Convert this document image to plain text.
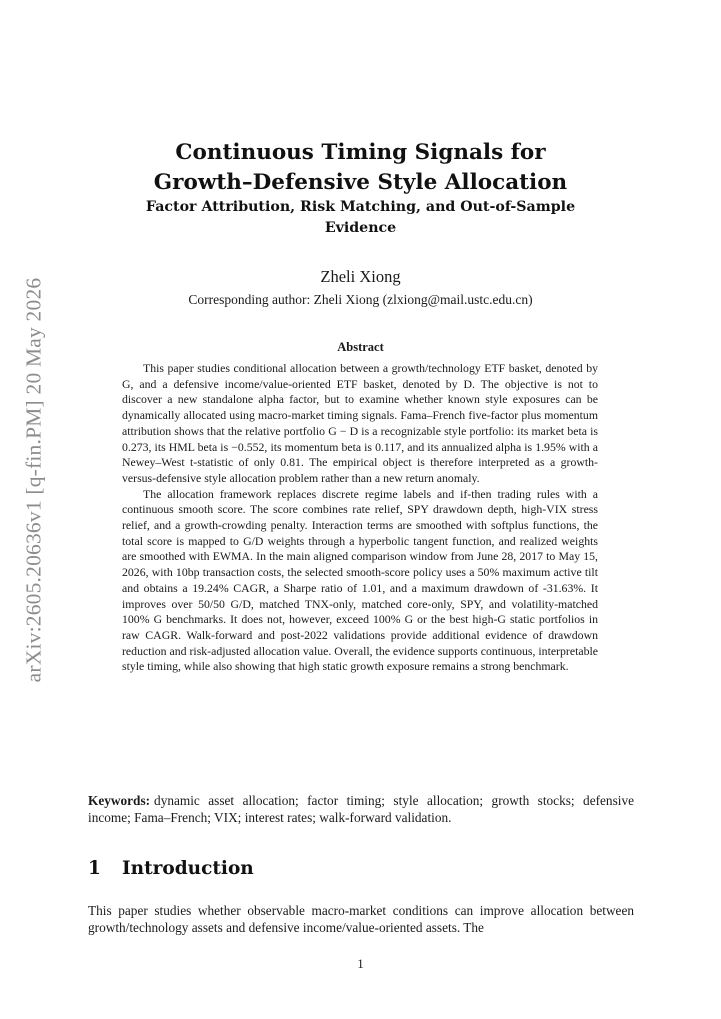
arXiv:2605.20636v1 [q-fin.PM] 20 May 2026
Continuous Timing Signals for
Growth–Defensive Style Allocation
Factor Attribution, Risk Matching, and Out-of-Sample Evidence
Zheli Xiong
Corresponding author: Zheli Xiong (zlxiong@mail.ustc.edu.cn)
Abstract

This paper studies conditional allocation between a growth/technology ETF basket, denoted by G, and a defensive income/value-oriented ETF basket, denoted by D. The objective is not to discover a new standalone alpha factor, but to examine whether known style exposures can be dynamically allocated using macro-market timing signals. Fama–French five-factor plus momentum attribution shows that the relative portfolio G − D is a recognizable style portfolio: its market beta is 0.273, its HML beta is −0.552, its momentum beta is 0.117, and its annualized alpha is 1.95% with a Newey–West t-statistic of only 0.81. The empirical object is therefore interpreted as a growth-versus-defensive style allocation problem rather than a new return anomaly.

The allocation framework replaces discrete regime labels and if-then trading rules with a continuous smooth score. The score combines rate relief, SPY drawdown depth, high-VIX stress relief, and a growth-crowding penalty. Interaction terms are smoothed with softplus functions, the total score is mapped to G/D weights through a hyperbolic tangent function, and realized weights are smoothed with EWMA. In the main aligned comparison window from June 28, 2017 to May 15, 2026, with 10bp transaction costs, the selected smooth-score policy uses a 50% maximum active tilt and obtains a 19.24% CAGR, a Sharpe ratio of 1.01, and a maximum drawdown of -31.63%. It improves over 50/50 G/D, matched TNX-only, matched core-only, SPY, and volatility-matched 100% G benchmarks. It does not, however, exceed 100% G or the best high-G static portfolios in raw CAGR. Walk-forward and post-2022 validations provide additional evidence of drawdown reduction and risk-adjusted allocation value. Overall, the evidence supports continuous, interpretable style timing, while also showing that high static growth exposure remains a strong benchmark.

Keywords: dynamic asset allocation; factor timing; style allocation; growth stocks; defensive income; Fama–French; VIX; interest rates; walk-forward validation.
1 Introduction
This paper studies whether observable macro-market conditions can improve allocation between growth/technology assets and defensive income/value-oriented assets. The
1
